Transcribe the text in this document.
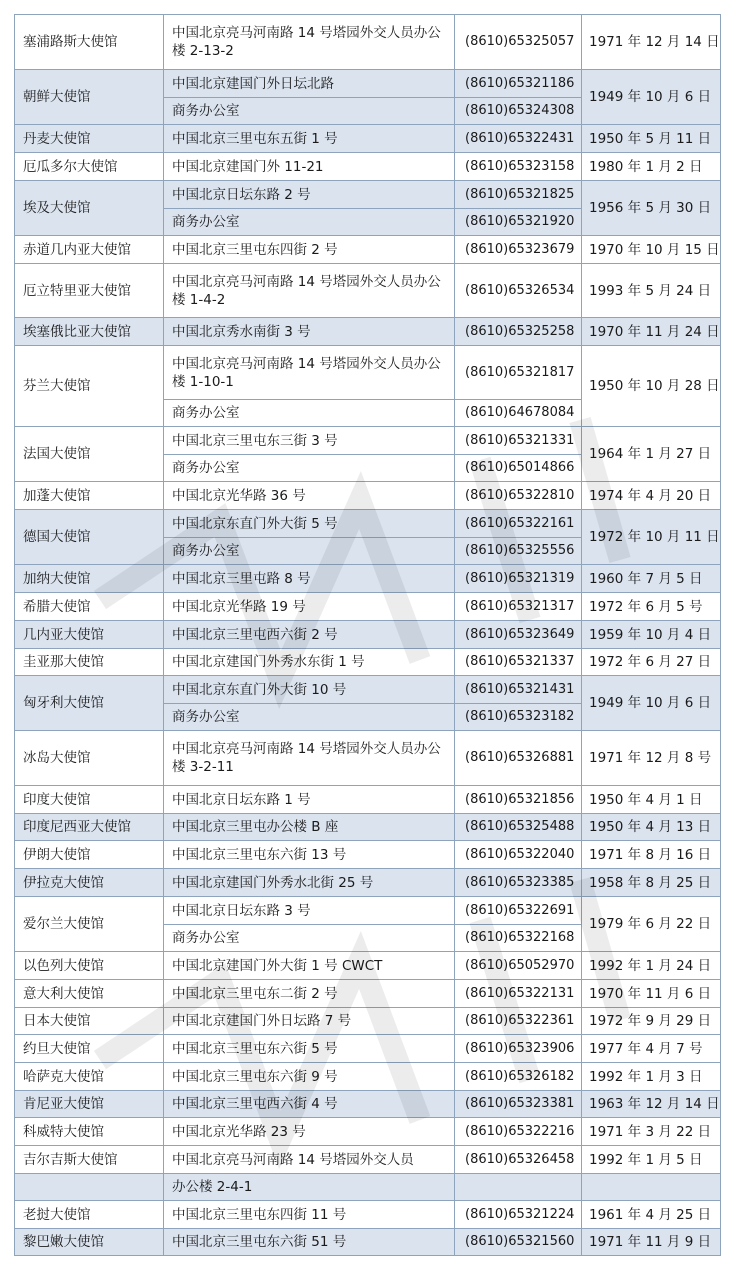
塞浦路斯大使馆	中国北京亮马河南路 14 号塔园外交人员办公楼 2-13-2	(8610)65325057	1971 年 12 月 14 日
朝鲜大使馆	中国北京建国门外日坛北路	(8610)65321186	1949 年 10 月 6 日
	商务办公室	(8610)65324308	
丹麦大使馆	中国北京三里屯东五街 1 号	(8610)65322431	1950 年 5 月 11 日
厄瓜多尔大使馆	中国北京建国门外 11-21	(8610)65323158	1980 年 1 月 2 日
埃及大使馆	中国北京日坛东路 2 号	(8610)65321825	1956 年 5 月 30 日
	商务办公室	(8610)65321920	
赤道几内亚大使馆	中国北京三里屯东四街 2 号	(8610)65323679	1970 年 10 月 15 日
厄立特里亚大使馆	中国北京亮马河南路 14 号塔园外交人员办公楼 1-4-2	(8610)65326534	1993 年 5 月 24 日
埃塞俄比亚大使馆	中国北京秀水南街 3 号	(8610)65325258	1970 年 11 月 24 日
芬兰大使馆	中国北京亮马河南路 14 号塔园外交人员办公楼 1-10-1	(8610)65321817	1950 年 10 月 28 日
	商务办公室	(8610)64678084	
法国大使馆	中国北京三里屯东三街 3 号	(8610)65321331	1964 年 1 月 27 日
	商务办公室	(8610)65014866	
加蓬大使馆	中国北京光华路 36 号	(8610)65322810	1974 年 4 月 20 日
德国大使馆	中国北京东直门外大街 5 号	(8610)65322161	1972 年 10 月 11 日
	商务办公室	(8610)65325556	
加纳大使馆	中国北京三里屯路 8 号	(8610)65321319	1960 年 7 月 5 日
希腊大使馆	中国北京光华路 19 号	(8610)65321317	1972 年 6 月 5 号
几内亚大使馆	中国北京三里屯西六街 2 号	(8610)65323649	1959 年 10 月 4 日
圭亚那大使馆	中国北京建国门外秀水东街 1 号	(8610)65321337	1972 年 6 月 27 日
匈牙利大使馆	中国北京东直门外大街 10 号	(8610)65321431	1949 年 10 月 6 日
	商务办公室	(8610)65323182	
冰岛大使馆	中国北京亮马河南路 14 号塔园外交人员办公楼 3-2-11	(8610)65326881	1971 年 12 月 8 号
印度大使馆	中国北京日坛东路 1 号	(8610)65321856	1950 年 4 月 1 日
印度尼西亚大使馆	中国北京三里屯办公楼 B 座	(8610)65325488	1950 年 4 月 13 日
伊朗大使馆	中国北京三里屯东六街 13 号	(8610)65322040	1971 年 8 月 16 日
伊拉克大使馆	中国北京建国门外秀水北街 25 号	(8610)65323385	1958 年 8 月 25 日
爱尔兰大使馆	中国北京日坛东路 3 号	(8610)65322691	1979 年 6 月 22 日
	商务办公室	(8610)65322168	
以色列大使馆	中国北京建国门外大街 1 号 CWCT	(8610)65052970	1992 年 1 月 24 日
意大利大使馆	中国北京三里屯东二街 2 号	(8610)65322131	1970 年 11 月 6 日
日本大使馆	中国北京建国门外日坛路 7 号	(8610)65322361	1972 年 9 月 29 日
约旦大使馆	中国北京三里屯东六街 5 号	(8610)65323906	1977 年 4 月 7 号
哈萨克大使馆	中国北京三里屯东六街 9 号	(8610)65326182	1992 年 1 月 3 日
肯尼亚大使馆	中国北京三里屯西六街 4 号	(8610)65323381	1963 年 12 月 14 日
科威特大使馆	中国北京光华路 23 号	(8610)65322216	1971 年 3 月 22 日
吉尔吉斯大使馆	中国北京亮马河南路 14 号塔园外交人员	(8610)65326458	1992 年 1 月 5 日
	办公楼 2-4-1		
老挝大使馆	中国北京三里屯东四街 11 号	(8610)65321224	1961 年 4 月 25 日
黎巴嫩大使馆	中国北京三里屯东六街 51 号	(8610)65321560	1971 年 11 月 9 日
